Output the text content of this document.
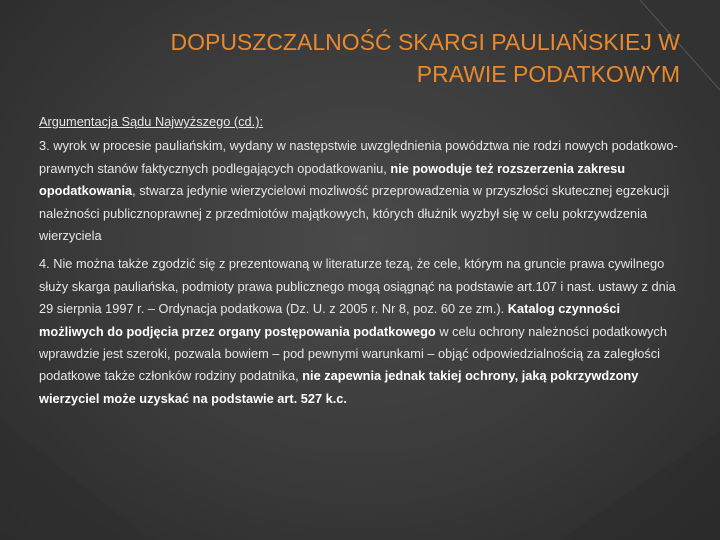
DOPUSZCZALNOŚĆ SKARGI PAULIAŃSKIEJ W
PRAWIE PODATKOWYM
Argumentacja Sądu Najwyższego (cd.):
3. wyrok w procesie pauliańskim, wydany w następstwie uwzględnienia powództwa nie rodzi nowych podatkowo-prawnych stanów faktycznych podlegających opodatkowaniu, nie powoduje też rozszerzenia zakresu opodatkowania, stwarza jedynie wierzycielowi mozliwość przeprowadzenia w przyszłości skutecznej egzekucji należności publicznoprawnej z przedmiotów majątkowych, których dłużnik wyzbył się w celu pokrzywdzenia wierzyciela
4. Nie można także zgodzić się z prezentowaną w literaturze tezą, że cele, którym na gruncie prawa cywilnego służy skarga pauliańska, podmioty prawa publicznego mogą osiągnąć na podstawie art.107 i nast. ustawy z dnia 29 sierpnia 1997 r. – Ordynacja podatkowa (Dz. U. z 2005 r. Nr 8, poz. 60 ze zm.). Katalog czynności możliwych do podjęcia przez organy postępowania podatkowego w celu ochrony należności podatkowych wprawdzie jest szeroki, pozwala bowiem – pod pewnymi warunkami – objąć odpowiedzialnością za zaległości podatkowe także członków rodziny podatnika, nie zapewnia jednak takiej ochrony, jaką pokrzywdzony wierzyciel może uzyskać na podstawie art. 527 k.c.
